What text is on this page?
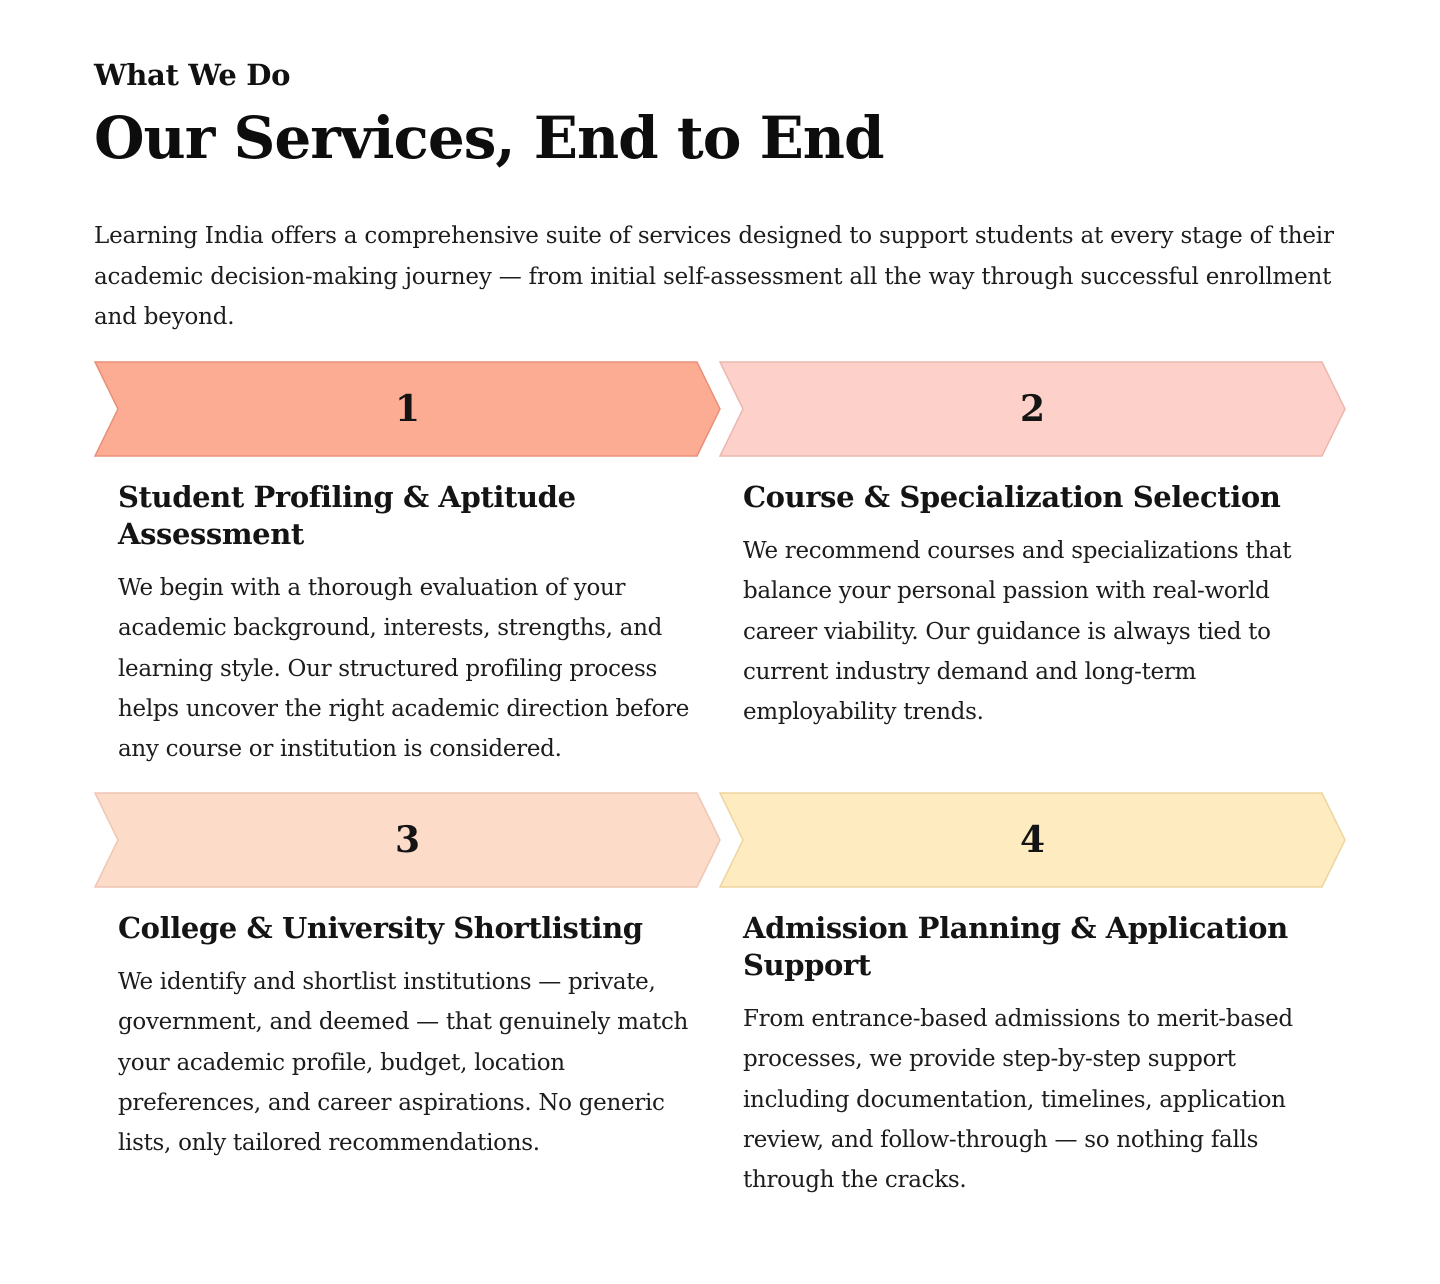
What We Do
Our Services, End to End

Learning India offers a comprehensive suite of services designed to support students at every stage of their academic decision-making journey — from initial self-assessment all the way through successful enrollment and beyond.

1
Student Profiling & Aptitude Assessment

We begin with a thorough evaluation of your academic background, interests, strengths, and learning style. Our structured profiling process helps uncover the right academic direction before any course or institution is considered.

2
Course & Specialization Selection

We recommend courses and specializations that balance your personal passion with real-world career viability. Our guidance is always tied to current industry demand and long-term employability trends.

3
College & University Shortlisting

We identify and shortlist institutions — private, government, and deemed — that genuinely match your academic profile, budget, location preferences, and career aspirations. No generic lists, only tailored recommendations.

4
Admission Planning & Application Support

From entrance-based admissions to merit-based processes, we provide step-by-step support including documentation, timelines, application review, and follow-through — so nothing falls through the cracks.
